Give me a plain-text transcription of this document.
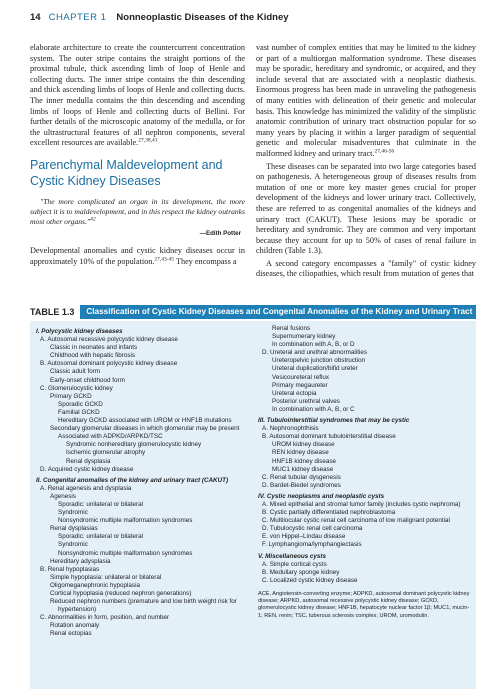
14 CHAPTER 1 Nonneoplastic Diseases of the Kidney

elaborate architecture to create the countercurrent concentration system. The outer stripe contains the straight portions of the proximal tubule, thick ascending limb of loop of Henle and collecting ducts. The inner stripe contains the thin descending and thick ascending limbs of loops of Henle and collecting ducts. The inner medulla contains the thin descending and ascending limbs of loops of Henle and collecting ducts of Bellini. For further details of the microscopic anatomy of the medulla, or for the ultrastructural features of all nephron components, several excellent resources are available.$^{27,38,41}$

Parenchymal Maldevelopment and Cystic Kidney Diseases

"The more complicated an organ in its development, the more subject it is to maldevelopment, and in this respect the kidney outranks most other organs."$^{42}$

—Edith Potter

Developmental anomalies and cystic kidney diseases occur in approximately 10% of the population.$^{27,43-45}$ They encompass a

vast number of complex entities that may be limited to the kidney or part of a multiorgan malformation syndrome. These diseases may be sporadic, hereditary and syndromic, or acquired, and they include several that are associated with a neoplastic diathesis. Enormous progress has been made in unraveling the pathogenesis of many entities with delineation of their genetic and molecular basis. This knowledge has minimized the validity of the simplistic anatomic contribution of urinary tract obstruction popular for so many years by placing it within a larger paradigm of sequential genetic and molecular misadventures that culminate in the malformed kidney and urinary tract.$^{27,46-56}$

These diseases can be separated into two large categories based on pathogenesis. A heterogeneous group of diseases results from mutation of one or more key master genes crucial for proper development of the kidneys and lower urinary tract. Collectively, these are referred to as congenital anomalies of the kidneys and urinary tract (CAKUT). These lesions may be sporadic or hereditary and syndromic. They are common and very important because they account for up to 50% of cases of renal failure in children (Table 1.3).

A second category encompasses a "family" of cystic kidney diseases, the ciliopathies, which result from mutation of genes that

TABLE 1.3	Classification of Cystic Kidney Diseases and Congenital Anomalies of the Kidney and Urinary Tract
I. Polycystic kidney diseases
A. Autosomal recessive polycystic kidney disease
Classic in neonates and infants
Childhood with hepatic fibrosis
B. Autosomal dominant polycystic kidney disease
Classic adult form
Early-onset childhood form
C. Glomerulocystic kidney
Primary GCKD
Sporadic GCKD
Familial GCKD
Hereditary GCKD associated with UROM or HNF1B mutations
Secondary glomerular diseases in which glomerular may be present
Associated with ADPKD/ARPKD/TSC
Syndromic nonhereditary glomerulocystic kidney
Ischemic glomerular atrophy
Renal dysplasia
D. Acquired cystic kidney disease
II. Congenital anomalies of the kidney and urinary tract (CAKUT)
A. Renal agenesis and dysplasia
Agenesis
Sporadic: unilateral or bilateral
Syndromic
Nonsyndromic multiple malformation syndromes
Renal dysplasias
Sporadic: unilateral or bilateral
Syndromic
Nonsyndromic multiple malformation syndromes
Hereditary adysplasia
B. Renal hypoplasias
Simple hypoplasia: unilateral or bilateral
Oligomeganephronic hypoplasia
Cortical hypoplasia (reduced nephron generations)
Reduced nephron numbers (premature and low birth weight risk for
hypertension)
C. Abnormalities in form, position, and number
Rotation anomaly
Renal ectopias
Renal fusions
Supernumerary kidney
In combination with A, B, or D
D. Ureteral and urethral abnormalities
Ureteropelvic junction obstruction
Ureteral duplication/bifid ureter
Vesicoureteral reflux
Primary megaureter
Ureteral ectopia
Posterior urethral valves
In combination with A, B, or C
III. Tubulointerstitial syndromes that may be cystic
A. Nephronophthisis
B. Autosomal dominant tubulointerstitial disease
UROM kidney disease
REN kidney disease
HNF1B kidney disease
MUC1 kidney disease
C. Renal tubular dysgenesis
D. Bardet-Biedel syndromes
IV. Cystic neoplasms and neoplastic cysts
A. Mixed epithelial and stromal tumor family (includes cystic nephroma)
B. Cystic partially differentiated nephroblastoma
C. Multilocular cystic renal cell carcinoma of low malignant potential
D. Tubulocystic renal cell carcinoma
E. von Hippel–Lindau disease
F. Lymphangioma/lymphangiectasis
V. Miscellaneous cysts
A. Simple cortical cysts
B. Medullary sponge kidney
C. Localized cystic kidney disease
ACE, Angiotensin-converting enzyme; ADPKD, autosomal dominant polycystic kidney disease; ARPKD, autosomal recessive polycystic kidney disease; GCKD, glomerulocystic kidney disease; HNF1B, hepatocyte nuclear factor 1β; MUC1, mucin-1; REN, renin; TSC, tuberous sclerosis complex; UROM, uromodulin.
